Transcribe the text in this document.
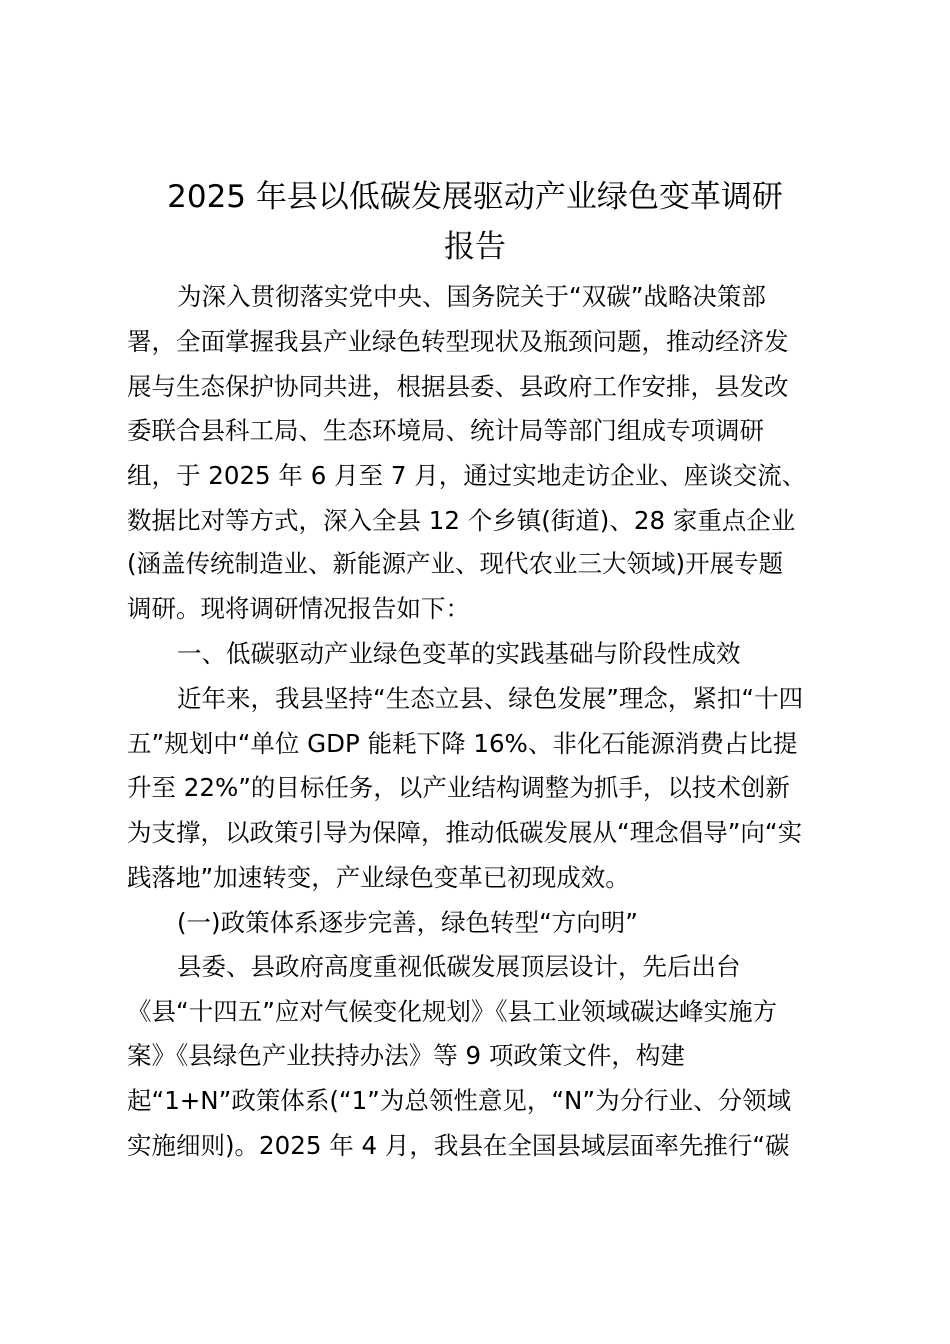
2025 年县以低碳发展驱动产业绿色变革调研
报告
为深入贯彻落实党中央、国务院关于“双碳”战略决策部
署，全面掌握我县产业绿色转型现状及瓶颈问题，推动经济发
展与生态保护协同共进，根据县委、县政府工作安排，县发改
委联合县科工局、生态环境局、统计局等部门组成专项调研
组，于 2025 年 6 月至 7 月，通过实地走访企业、座谈交流、
数据比对等方式，深入全县 12 个乡镇(街道)、28 家重点企业
(涵盖传统制造业、新能源产业、现代农业三大领域)开展专题
调研。现将调研情况报告如下：
一、低碳驱动产业绿色变革的实践基础与阶段性成效
近年来，我县坚持“生态立县、绿色发展”理念，紧扣“十四
五”规划中“单位 GDP 能耗下降 16%、非化石能源消费占比提
升至 22%”的目标任务，以产业结构调整为抓手，以技术创新
为支撑，以政策引导为保障，推动低碳发展从“理念倡导”向“实
践落地”加速转变，产业绿色变革已初现成效。
(一)政策体系逐步完善，绿色转型“方向明”
县委、县政府高度重视低碳发展顶层设计，先后出台
《县“十四五”应对气候变化规划》《县工业领域碳达峰实施方
案》《县绿色产业扶持办法》等 9 项政策文件，构建
起“1+N”政策体系(“1”为总领性意见，“N”为分行业、分领域
实施细则)。2025 年 4 月，我县在全国县域层面率先推行“碳
